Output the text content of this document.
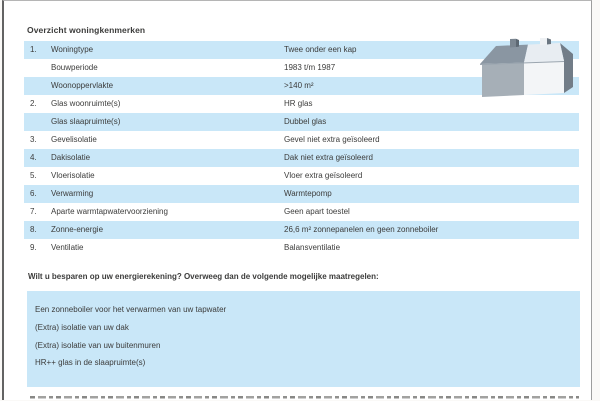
Overzicht woningkenmerken
1.	Woningtype	Twee onder een kap
Bouwperiode	1983 t/m 1987
Woonoppervlakte	>140 m²
2.	Glas woonruimte(s)	HR glas
Glas slaapruimte(s)	Dubbel glas
3.	Gevelisolatie	Gevel niet extra geïsoleerd
4.	Dakisolatie	Dak niet extra geïsoleerd
5.	Vloerisolatie	Vloer extra geïsoleerd
6.	Verwarming	Warmtepomp
7.	Aparte warmtapwatervoorziening	Geen apart toestel
8.	Zonne-energie	26,6 m² zonnepanelen en geen zonneboiler
9.	Ventilatie	Balansventilatie
Wilt u besparen op uw energierekening? Overweeg dan de volgende mogelijke maatregelen:
Een zonneboiler voor het verwarmen van uw tapwater
(Extra) isolatie van uw dak
(Extra) isolatie van uw buitenmuren
HR++ glas in de slaapruimte(s)
